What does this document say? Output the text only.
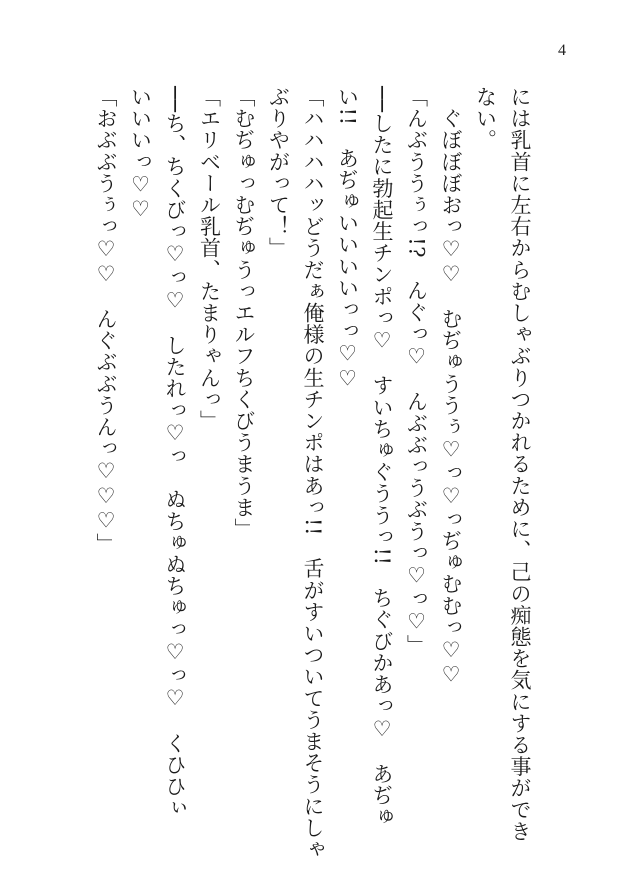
4
には乳首に左右からむしゃぶりつかれるために、己の痴態を気にする事ができ
ない。
　ぐぼぼぼおっ♡♡　むぢゅううぅ♡っ♡っぢゅむむっ♡♡
「んぶううぅっ!?　んぐっ♡　んぶぶっうぶうっ♡っ♡」
──したに勃起生チンポっ♡　すいちゅぐううっ!!　ちぐびかあっ♡　あぢゅ
い!!　あぢゅいいいいっっ♡♡
「ハハハハッどうだぁ俺様の生チンポはあっ!!　舌がすいついてうまそうにしゃ
ぶりやがって！」
「むぢゅっむぢゅうっエルフちくびうまうま」
「エリベール乳首、たまりゃんっ」
──ち、ちくびっ♡っ♡　したれっ♡っ　ぬちゅぬちゅっ♡っ♡　くひひぃ
いいいっ♡♡
「おぶぶうぅっ♡♡　んぐぶぶうんっ♡♡♡」
